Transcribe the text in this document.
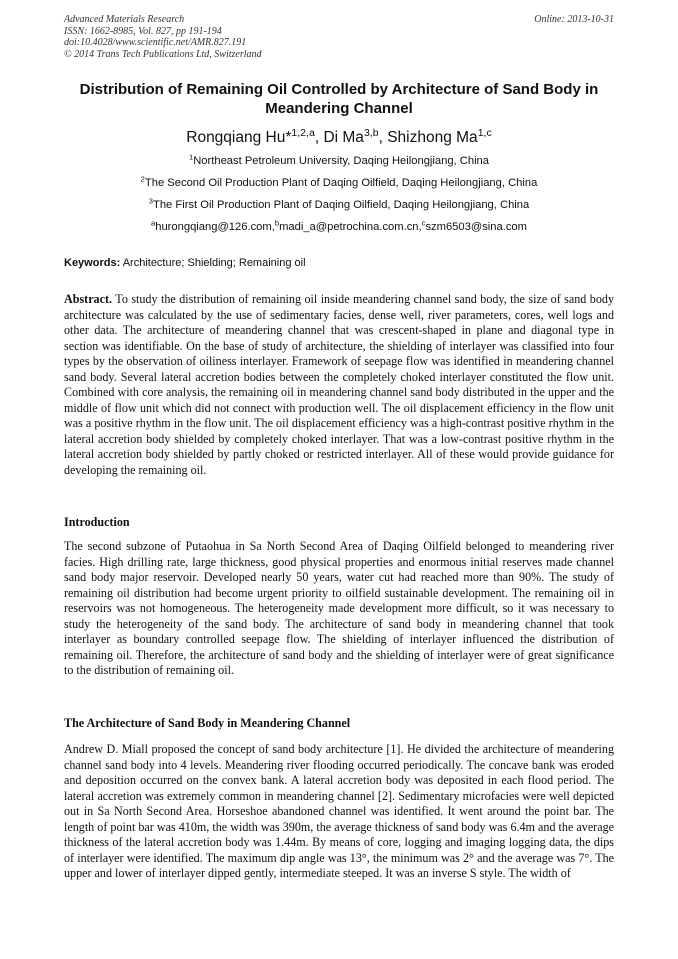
Advanced Materials Research
ISSN: 1662-8985, Vol. 827, pp 191-194
doi:10.4028/www.scientific.net/AMR.827.191
© 2014 Trans Tech Publications Ltd, Switzerland
Online: 2013-10-31
Distribution of Remaining Oil Controlled by Architecture of Sand Body in Meandering Channel
Rongqiang Hu*$^{1,2,a}$, Di Ma$^{3,b}$, Shizhong Ma$^{1,c}$
$^1$Northeast Petroleum University, Daqing Heilongjiang, China
$^2$The Second Oil Production Plant of Daqing Oilfield, Daqing Heilongjiang, China
$^3$The First Oil Production Plant of Daqing Oilfield, Daqing Heilongjiang, China
$^a$hurongqiang@126.com,$^b$madi_a@petrochina.com.cn,$^c$szm6503@sina.com
Keywords: Architecture; Shielding; Remaining oil
Abstract. To study the distribution of remaining oil inside meandering channel sand body, the size of sand body architecture was calculated by the use of sedimentary facies, dense well, river parameters, cores, well logs and other data. The architecture of meandering channel that was crescent-shaped in plane and diagonal type in section was identifiable. On the base of study of architecture, the shielding of interlayer was classified into four types by the observation of oiliness interlayer. Framework of seepage flow was identified in meandering channel sand body. Several lateral accretion bodies between the completely choked interlayer constituted the flow unit. Combined with core analysis, the remaining oil in meandering channel sand body distributed in the upper and the middle of flow unit which did not connect with production well. The oil displacement efficiency in the flow unit was a positive rhythm in the flow unit. The oil displacement efficiency was a high-contrast positive rhythm in the lateral accretion body shielded by completely choked interlayer. That was a low-contrast positive rhythm in the lateral accretion body shielded by partly choked or restricted interlayer. All of these would provide guidance for developing the remaining oil.
Introduction
The second subzone of Putaohua in Sa North Second Area of Daqing Oilfield belonged to meandering river facies. High drilling rate, large thickness, good physical properties and enormous initial reserves made channel sand body major reservoir. Developed nearly 50 years, water cut had reached more than 90%. The study of remaining oil distribution had become urgent priority to oilfield sustainable development. The remaining oil in reservoirs was not homogeneous. The heterogeneity made development more difficult, so it was necessary to study the heterogeneity of the sand body. The architecture of sand body in meandering channel that took interlayer as boundary controlled seepage flow. The shielding of interlayer influenced the distribution of remaining oil. Therefore, the architecture of sand body and the shielding of interlayer were of great significance to the distribution of remaining oil.
The Architecture of Sand Body in Meandering Channel
Andrew D. Miall proposed the concept of sand body architecture [1]. He divided the architecture of meandering channel sand body into 4 levels. Meandering river flooding occurred periodically. The concave bank was eroded and deposition occurred on the convex bank. A lateral accretion body was deposited in each flood period. The lateral accretion was extremely common in meandering channel [2]. Sedimentary microfacies were well depicted out in Sa North Second Area. Horseshoe abandoned channel was identified. It went around the point bar. The length of point bar was 410m, the width was 390m, the average thickness of sand body was 6.4m and the average thickness of the lateral accretion body was 1.44m. By means of core, logging and imaging logging data, the dips of interlayer were identified. The maximum dip angle was 13°, the minimum was 2° and the average was 7°. The upper and lower of interlayer dipped gently, intermediate steeped. It was an inverse S style. The width of
